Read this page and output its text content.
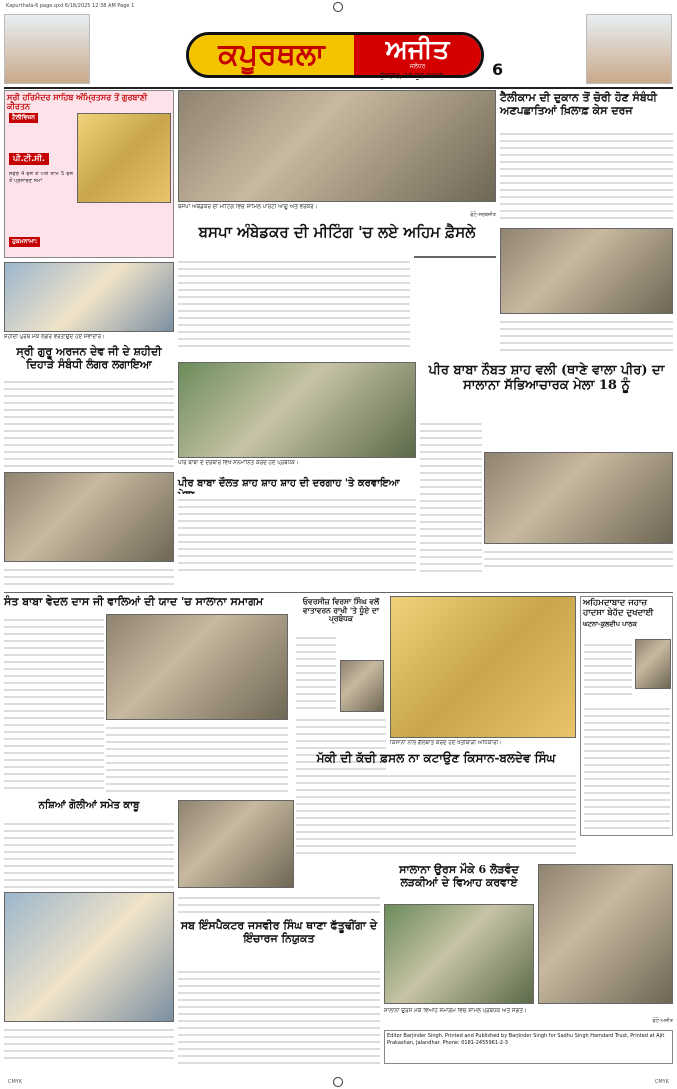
Kapurthala-6 page.qxd 6/18/2025 12:38 AM Page 1
ਕਪੂਰਥਲਾ	ਅਜੀਤ
ਜਲੰਧਰ	6
ਬੁੱਧਵਾਰ, 18 ਜੂਨ 2025
ਸ੍ਰੀ ਹਰਿਮੰਦਰ ਸਾਹਿਬ ਅੰਮ੍ਰਿਤਸਰ ਤੋਂ ਗੁਰਬਾਣੀ ਕੀਰਤਨ
ਟੈਲੀਵਿਜ਼ਨ
ਪੀ.ਟੀ.ਸੀ.
ਸਵੇਰੇ 4 ਵਜੇ ਤੋਂ ਅਤੇ ਸ਼ਾਮ 5 ਵਜੇ ਤੋਂ ਪ੍ਰਸਾਰਣ ਸਮਾਂ
ਹੁਕਮਨਾਮਾ:
ਬਸਪਾ ਅੰਬੇਡਕਰ ਦੀ ਮੀਟਿੰਗ ਵਿਚ ਸ਼ਾਮਿਲ ਪਾਰਟੀ ਆਗੂ ਅਤੇ ਵਰਕਰ।
ਫੋਟੋ-ਸਰਬਜੀਤ
ਬਸਪਾ ਅੰਬੇਡਕਰ ਦੀ ਮੀਟਿੰਗ 'ਚ ਲਏ ਅਹਿਮ ਫ਼ੈਸਲੇ
ਟੈਲੀਕਾਮ ਦੀ ਦੁਕਾਨ ਤੋਂ ਚੋਰੀ ਹੋਣ ਸੰਬੰਧੀ ਅਣਪਛਾਤਿਆਂ ਖ਼ਿਲਾਫ਼ ਕੇਸ ਦਰਜ
ਸ਼ਹੀਦੀ ਪੁਰਬ ਮੌਕੇ ਲੰਗਰ ਵਰਤਾਉਂਦੇ ਹੋਏ ਸੇਵਾਦਾਰ।
ਸ੍ਰੀ ਗੁਰੂ ਅਰਜਨ ਦੇਵ ਜੀ ਦੇ ਸ਼ਹੀਦੀ ਦਿਹਾੜੇ ਸੰਬੰਧੀ ਲੰਗਰ ਲਗਾਇਆ
ਪੀਰ ਬਾਬਾ ਦੇ ਦਰਬਾਰ ਵਿਖੇ ਸਨਮਾਨਿਤ ਕਰਦੇ ਹੋਏ ਪ੍ਰਬੰਧਕ।
ਪੀਰ ਬਾਬਾ ਦੌਲਤ ਸ਼ਾਹ ਸ਼ਾਹ ਸ਼ਾਹ ਦੀ ਦਰਗਾਹ 'ਤੇ ਕਰਵਾਇਆ
ਪੀਰ ਬਾਬਾ ਨੌਬਤ ਸ਼ਾਹ ਵਲੀ (ਥਾਣੇ ਵਾਲਾ ਪੀਰ) ਦਾ ਸਾਲਾਨਾ ਸੱਭਿਆਚਾਰਕ ਮੇਲਾ 18 ਨੂੰ
ਸੰਤ ਬਾਬਾ ਵੇਦਲ ਦਾਸ ਜੀ ਵਾਲਿਆਂ ਦੀ ਯਾਦ 'ਚ ਸਾਲਾਨਾ ਸਮਾਗਮ	ਓਵਰਸੀਜ਼ ਵਿਰਸਾ ਸਿੰਘ ਵਲੋਂ ਵਾਤਾਵਰਨ ਰਾਖੀ 'ਤੇ ਧੂੰਏ ਦਾ ਪ੍ਰਬੰਧਕ
ਕਿਸਾਨਾਂ ਨਾਲ ਗੱਲਬਾਤ ਕਰਦੇ ਹੋਏ ਖੇਤੀਬਾੜੀ ਅਧਿਕਾਰੀ।
ਮੱਕੀ ਦੀ ਕੱਚੀ ਫ਼ਸਲ ਨਾ ਕਟਾਉਣ ਕਿਸਾਨ-ਬਲਦੇਵ ਸਿੰਘ
ਅਹਿਮਦਾਬਾਦ ਜਹਾਜ਼ ਹਾਦਸਾ ਬੇਹੱਦ ਦੁਖਦਾਈ
ਘਟਨਾ-ਕੁਲਦੀਪ ਪਾਠਕ
ਨਸ਼ਿਆਂ ਗੋਲੀਆਂ ਸਮੇਤ ਕਾਬੂ
ਸਬ ਇੰਸਪੈਕਟਰ ਜਸਵੀਰ ਸਿੰਘ ਥਾਣਾ ਫੱਤੂਢੀਂਗਾ ਦੇ ਇੰਚਾਰਜ ਨਿਯੁਕਤ
ਸਾਲਾਨਾ ਉਰਸ ਮੌਕੇ 6 ਲੋੜਵੰਦ ਲੜਕੀਆਂ ਦੇ ਵਿਆਹ ਕਰਵਾਏ
ਸਾਲਾਨਾ ਉਰਸ ਮੌਕੇ ਵਿਆਹ ਸਮਾਗਮ ਵਿਚ ਸ਼ਾਮਲ ਪ੍ਰਬੰਧਕ ਅਤੇ ਸੰਗਤ।
ਫੋਟੋ-ਅਜੀਤ
Editor Barjinder Singh, Printed and Published by Barjinder Singh for Sadhu Singh Hamdard Trust, Printed at Ajit Prakashan, Jalandhar. Phone: 0181-2455961-2-3
CMYK	CMYK
